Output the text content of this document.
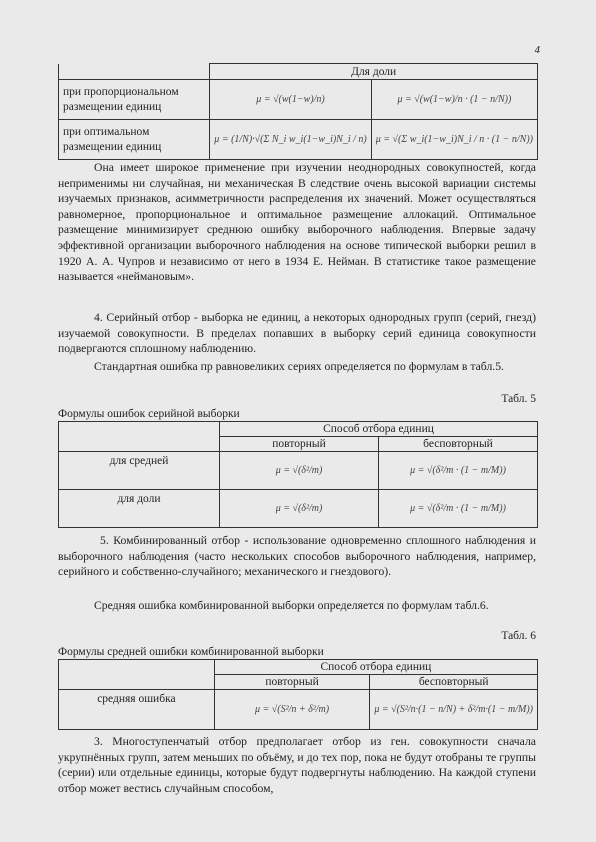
4
	Для доли	
при пропорциональном размещении единиц	μ = √(w(1−w)/n)	μ = √(w(1−w)/n · (1 − n/N))
при оптимальном размещении единиц	μ = (1/N)·√(Σ N_i w_i(1−w_i)N_i / n)	μ = √(Σ w_i(1−w_i)N_i / n · (1 − n/N))

Она имеет широкое применение при изучении неоднородных совокупностей, когда неприменимы ни случайная, ни механическая В следствие очень высокой вариации системы изучаемых признаков, асимметричности распределения их значений. Может осуществляться равномерное, пропорциональное и оптимальное размещение аллокаций. Оптимальное размещение минимизирует среднюю ошибку выборочного наблюдения. Впервые задачу эффективной организации выборочного наблюдения на основе типической выборки решил в 1920 А. А. Чупров и независимо от него в 1934 Е. Нейман. В статистике такое размещение называется «неймановым».

4. Серийный отбор - выборка не единиц, а некоторых однородных групп (серий, гнезд) изучаемой совокупности. В пределах попавших в выборку серий единица совокупности подвергаются сплошному наблюдению.

Стандартная ошибка пр равновеликих сериях определяется по формулам в табл.5.

Табл. 5
Формулы ошибок серийной выборки
	Способ отбора единиц	
	повторный	бесповторный
для средней	μ = √(δ²/m)	μ = √(δ²/m · (1 − m/M))
для доли	μ = √(δ²/m)	μ = √(δ²/m · (1 − m/M))

5. Комбинированный отбор - использование одновременно сплошного наблюдения и выборочного наблюдения (часто нескольких способов выборочного наблюдения, например, серийного и собственно-случайного; механического и гнездового).

Средняя ошибка комбинированной выборки определяется по формулам табл.6.

Табл. 6
Формулы средней ошибки комбинированной выборки
	Способ отбора единиц	
	повторный	бесповторный
средняя ошибка	μ = √(S²/n + δ²/m)	μ = √(S²/n·(1 − n/N) + δ²/m·(1 − m/M))

3. Многоступенчатый отбор предполагает отбор из ген. совокупности сначала укрупнённых групп, затем меньших по объёму, и до тех пор, пока не будут отобраны те группы (серии) или отдельные единицы, которые будут подвергнуты наблюдению. На каждой ступени отбор может вестись случайным способом,
